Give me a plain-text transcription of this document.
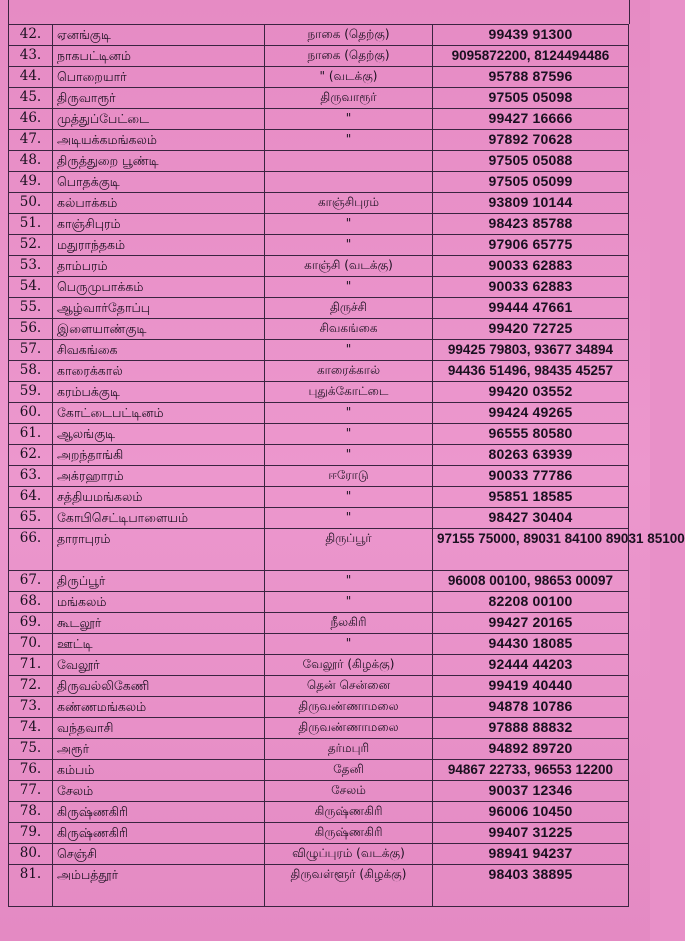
42.	ஏனங்குடி	நாகை (தெற்கு)	99439 91300
43.	நாகபட்டினம்	நாகை (தெற்கு)	9095872200, 8124494486
44.	பொறையார்	" (வடக்கு)	95788 87596
45.	திருவாரூர்	திருவாரூர்	97505 05098
46.	முத்துப்பேட்டை	"	99427 16666
47.	அடியக்கமங்கலம்	"	97892 70628
48.	திருத்துறை பூண்டி		97505 05088
49.	பொதக்குடி		97505 05099
50.	கல்பாக்கம்	காஞ்சிபுரம்	93809 10144
51.	காஞ்சிபுரம்	"	98423 85788
52.	மதுராந்தகம்	"	97906 65775
53.	தாம்பரம்	காஞ்சி (வடக்கு)	90033 62883
54.	பெருமுபாக்கம்	"	90033 62883
55.	ஆழ்வார்தோப்பு	திருச்சி	99444 47661
56.	இளையாண்குடி	சிவகங்கை	99420 72725
57.	சிவகங்கை	"	99425 79803, 93677 34894
58.	காரைக்கால்	காரைக்கால்	94436 51496, 98435 45257
59.	கரம்பக்குடி	புதுக்கோட்டை	99420 03552
60.	கோட்டைபட்டினம்	"	99424 49265
61.	ஆலங்குடி	"	96555 80580
62.	அறந்தாங்கி	"	80263 63939
63.	அக்ரஹாரம்	ஈரோடு	90033 77786
64.	சத்தியமங்கலம்	"	95851 18585
65.	கோபிசெட்டிபாளையம்	"	98427 30404
66.	தாராபுரம்	திருப்பூர்	97155 75000, 89031 84100 89031 85100
67.	திருப்பூர்	"	96008 00100, 98653 00097
68.	மங்கலம்	"	82208 00100
69.	கூடலூர்	நீலகிரி	99427 20165
70.	ஊட்டி	"	94430 18085
71.	வேலூர்	வேலூர் (கிழக்கு)	92444 44203
72.	திருவல்லிகேணி	தென் சென்னை	99419 40440
73.	கண்ணமங்கலம்	திருவண்ணாமலை	94878 10786
74.	வந்தவாசி	திருவண்ணாமலை	97888 88832
75.	அரூர்	தர்மபுரி	94892 89720
76.	கம்பம்	தேனி	94867 22733, 96553 12200
77.	சேலம்	சேலம்	90037 12346
78.	கிருஷ்ணகிரி	கிருஷ்ணகிரி	96006 10450
79.	கிருஷ்ணகிரி	கிருஷ்ணகிரி	99407 31225
80.	செஞ்சி	விழுப்புரம் (வடக்கு)	98941 94237
81.	அம்பத்தூர்	திருவள்ளூர் (கிழக்கு)	98403 38895
